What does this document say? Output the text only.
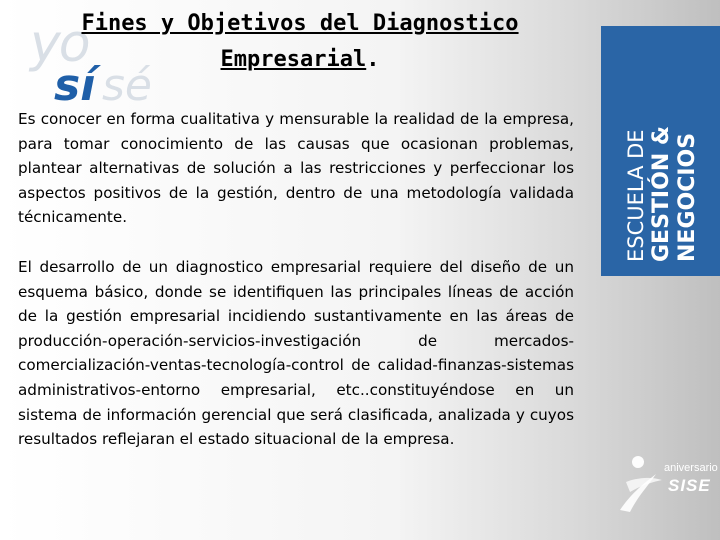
yo
sí sé
Fines y Objetivos del Diagnostico
Empresarial.

Es conocer en forma cualitativa y mensurable la realidad de la empresa, para tomar conocimiento de las causas que ocasionan problemas, plantear alternativas de solución a las restricciones y perfeccionar los aspectos positivos de la gestión, dentro de una metodología validada técnicamente.

El desarrollo de un diagnostico empresarial requiere del diseño de un esquema básico, donde se identifiquen las principales líneas de acción de la gestión empresarial incidiendo sustantivamente en las áreas de producción-operación-servicios-investigación de mercados-comercialización-ventas-tecnología-control de calidad-finanzas-sistemas administrativos-entorno empresarial, etc..constituyéndose en un sistema de información gerencial que será clasificada, analizada y cuyos resultados reflejaran el estado situacional de la empresa.

ESCUELA DE GESTIÓN & NEGOCIOS
aniversario
SISE
